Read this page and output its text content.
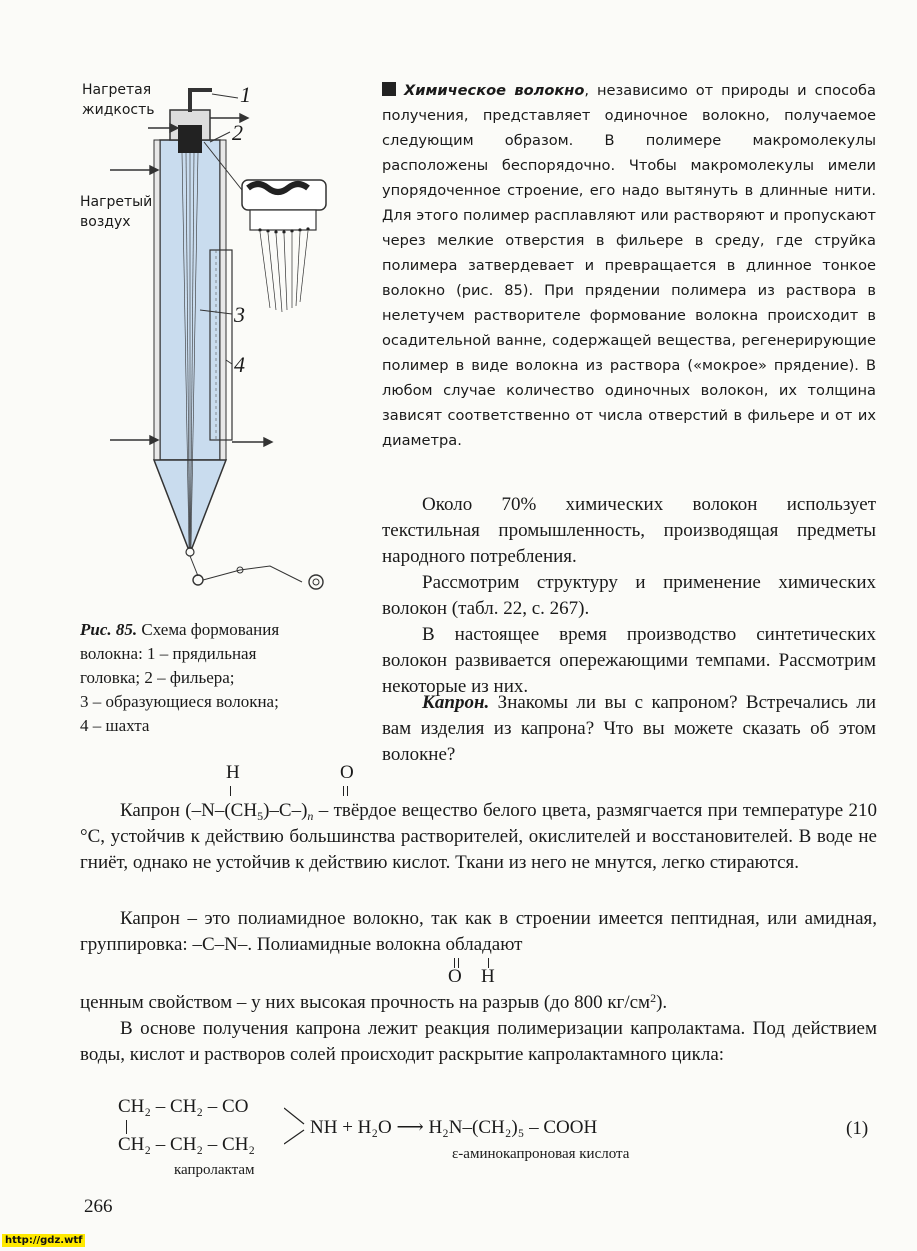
Нагретая
жидкость
Нагретый
воздух
1
2
3
4
Рис. 85. Схема формования
волокна: 1 – прядильная
головка; 2 – фильера;
3 – образующиеся волокна;
4 – шахта
Химическое волокно, независимо от природы и способа получения, представляет одиночное волокно, получаемое следующим образом. В полимере макромолекулы расположены беспорядочно. Чтобы макромолекулы имели упорядоченное строение, его надо вытянуть в длинные нити. Для этого полимер расплавляют или растворяют и пропускают через мелкие отверстия в фильере в среду, где струйка полимера затвердевает и превращается в длинное тонкое волокно (рис. 85). При прядении полимера из раствора в нелетучем растворителе формование волокна происходит в осадительной ванне, содержащей вещества, регенерирующие полимер в виде волокна из раствора («мокрое» прядение). В любом случае количество одиночных волокон, их толщина зависят соответственно от числа отверстий в фильере и от их диаметра.
Около 70% химических волокон использует текстильная промышленность, производящая предметы народного потребления.
Рассмотрим структуру и применение химических волокон (табл. 22, с. 267).
В настоящее время производство синтетических волокон развивается опережающими темпами. Рассмотрим некоторые из них.
Капрон. Знакомы ли вы с капроном? Встречались ли вам изделия из капрона? Что вы можете сказать об этом волокне?
H	O
Капрон $(-N-(CH_5)-C-)_n$ – твёрдое вещество белого цвета, размягчается при температуре 210 °С, устойчив к действию большинства растворителей, окислителей и восстановителей. В воде не гниёт, однако не устойчив к действию кислот. Ткани из него не мнутся, легко стираются.
Капрон – это полиамидное волокно, так как в строении имеется пептидная, или амидная, группировка: –C–N–. Полиамидные волокна обладают
O H
ценным свойством – у них высокая прочность на разрыв (до 800 $кг/см^2$).
В основе получения капрона лежит реакция полимеризации капролактама. Под действием воды, кислот и растворов солей происходит раскрытие капролактамного цикла:
CH₂ – CH₂ – CO
CH₂ – CH₂ – CH₂
NH + H₂O ⟶ H₂N–(CH₂)₅ – COOH	(1)
капролактам
ε-аминокапроновая кислота
266
http://gdz.wtf
